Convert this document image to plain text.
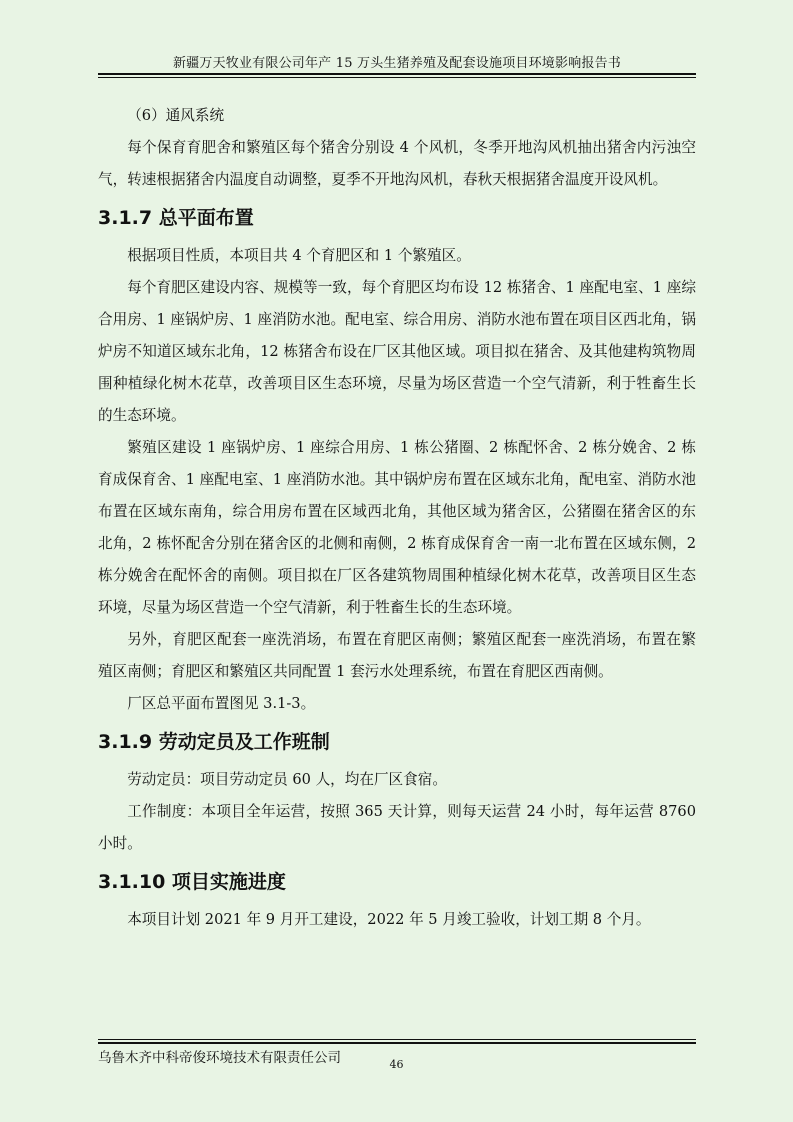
新疆万天牧业有限公司年产 15 万头生猪养殖及配套设施项目环境影响报告书

（6）通风系统

每个保育育肥舍和繁殖区每个猪舍分别设 4 个风机，冬季开地沟风机抽出猪舍内污浊空气，转速根据猪舍内温度自动调整，夏季不开地沟风机，春秋天根据猪舍温度开设风机。

3.1.7 总平面布置

根据项目性质，本项目共 4 个育肥区和 1 个繁殖区。

每个育肥区建设内容、规模等一致，每个育肥区均布设 12 栋猪舍、1 座配电室、1 座综合用房、1 座锅炉房、1 座消防水池。配电室、综合用房、消防水池布置在项目区西北角，锅炉房不知道区域东北角，12 栋猪舍布设在厂区其他区域。项目拟在猪舍、及其他建构筑物周围种植绿化树木花草，改善项目区生态环境，尽量为场区营造一个空气清新，利于牲畜生长的生态环境。

繁殖区建设 1 座锅炉房、1 座综合用房、1 栋公猪圈、2 栋配怀舍、2 栋分娩舍、2 栋育成保育舍、1 座配电室、1 座消防水池。其中锅炉房布置在区域东北角，配电室、消防水池布置在区域东南角，综合用房布置在区域西北角，其他区域为猪舍区，公猪圈在猪舍区的东北角，2 栋怀配舍分别在猪舍区的北侧和南侧，2 栋育成保育舍一南一北布置在区域东侧，2 栋分娩舍在配怀舍的南侧。项目拟在厂区各建筑物周围种植绿化树木花草，改善项目区生态环境，尽量为场区营造一个空气清新，利于牲畜生长的生态环境。

另外，育肥区配套一座洗消场，布置在育肥区南侧；繁殖区配套一座洗消场，布置在繁殖区南侧；育肥区和繁殖区共同配置 1 套污水处理系统，布置在育肥区西南侧。

厂区总平面布置图见 3.1-3。

3.1.9 劳动定员及工作班制

劳动定员：项目劳动定员 60 人，均在厂区食宿。

工作制度：本项目全年运营，按照 365 天计算，则每天运营 24 小时，每年运营 8760 小时。

3.1.10 项目实施进度

本项目计划 2021 年 9 月开工建设，2022 年 5 月竣工验收，计划工期 8 个月。

乌鲁木齐中科帝俊环境技术有限责任公司	46
